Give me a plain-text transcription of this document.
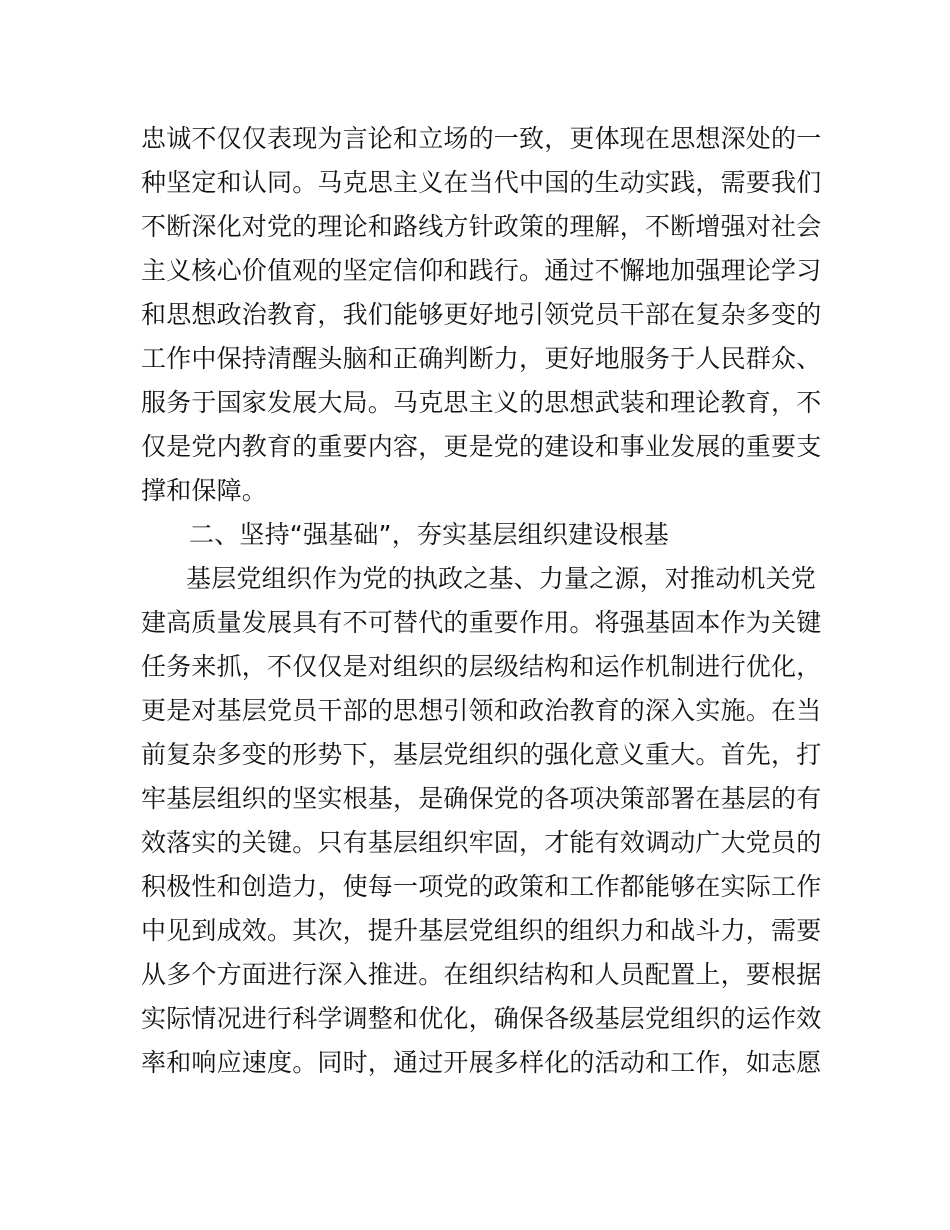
忠诚不仅仅表现为言论和立场的一致，更体现在思想深处的一
种坚定和认同。马克思主义在当代中国的生动实践，需要我们
不断深化对党的理论和路线方针政策的理解，不断增强对社会
主义核心价值观的坚定信仰和践行。通过不懈地加强理论学习
和思想政治教育，我们能够更好地引领党员干部在复杂多变的
工作中保持清醒头脑和正确判断力，更好地服务于人民群众、
服务于国家发展大局。马克思主义的思想武装和理论教育，不
仅是党内教育的重要内容，更是党的建设和事业发展的重要支
撑和保障。
二、坚持“强基础”，夯实基层组织建设根基
基层党组织作为党的执政之基、力量之源，对推动机关党
建高质量发展具有不可替代的重要作用。将强基固本作为关键
任务来抓，不仅仅是对组织的层级结构和运作机制进行优化，
更是对基层党员干部的思想引领和政治教育的深入实施。在当
前复杂多变的形势下，基层党组织的强化意义重大。首先，打
牢基层组织的坚实根基，是确保党的各项决策部署在基层的有
效落实的关键。只有基层组织牢固，才能有效调动广大党员的
积极性和创造力，使每一项党的政策和工作都能够在实际工作
中见到成效。其次，提升基层党组织的组织力和战斗力，需要
从多个方面进行深入推进。在组织结构和人员配置上，要根据
实际情况进行科学调整和优化，确保各级基层党组织的运作效
率和响应速度。同时，通过开展多样化的活动和工作，如志愿
